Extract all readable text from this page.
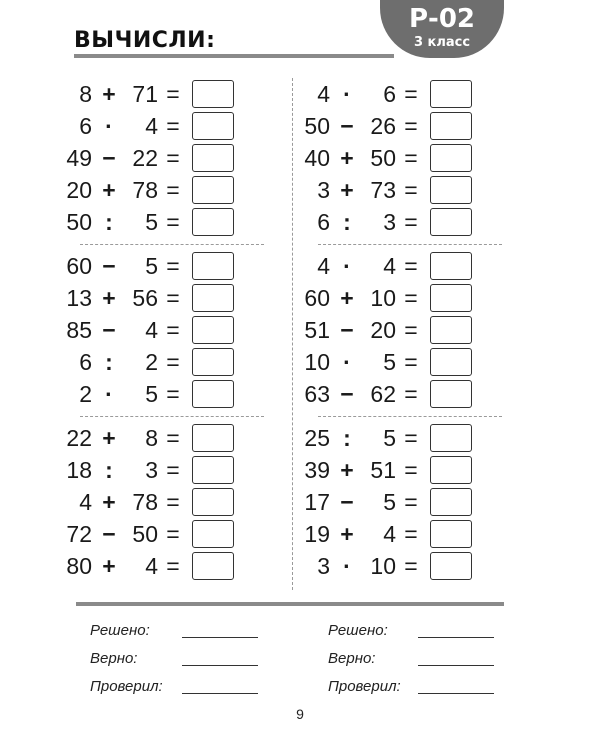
ВЫЧИСЛИ:
Р-02
3 класс
8 + 71 =
6 ·	4 =
49 − 22 =
20 + 78 =
50 :	5 =
60 −	5 =
13 + 56 =
85 −	4 =
6 :	2 =
2 ·	5 =
22 +	8 =
18 :	3 =
4 + 78 =
72 − 50 =
80 +	4 =
4 ·	6 =
50 − 26 =
40 + 50 =
3 + 73 =
6 :	3 =
4 ·	4 =
60 + 10 =
51 − 20 =
10 ·	5 =
63 − 62 =
25 :	5 =
39 + 51 =
17 −	5 =
19 +	4 =
3 · 10 =
Решено:
Верно:
Проверил:
Решено:
Верно:
Проверил:
9
